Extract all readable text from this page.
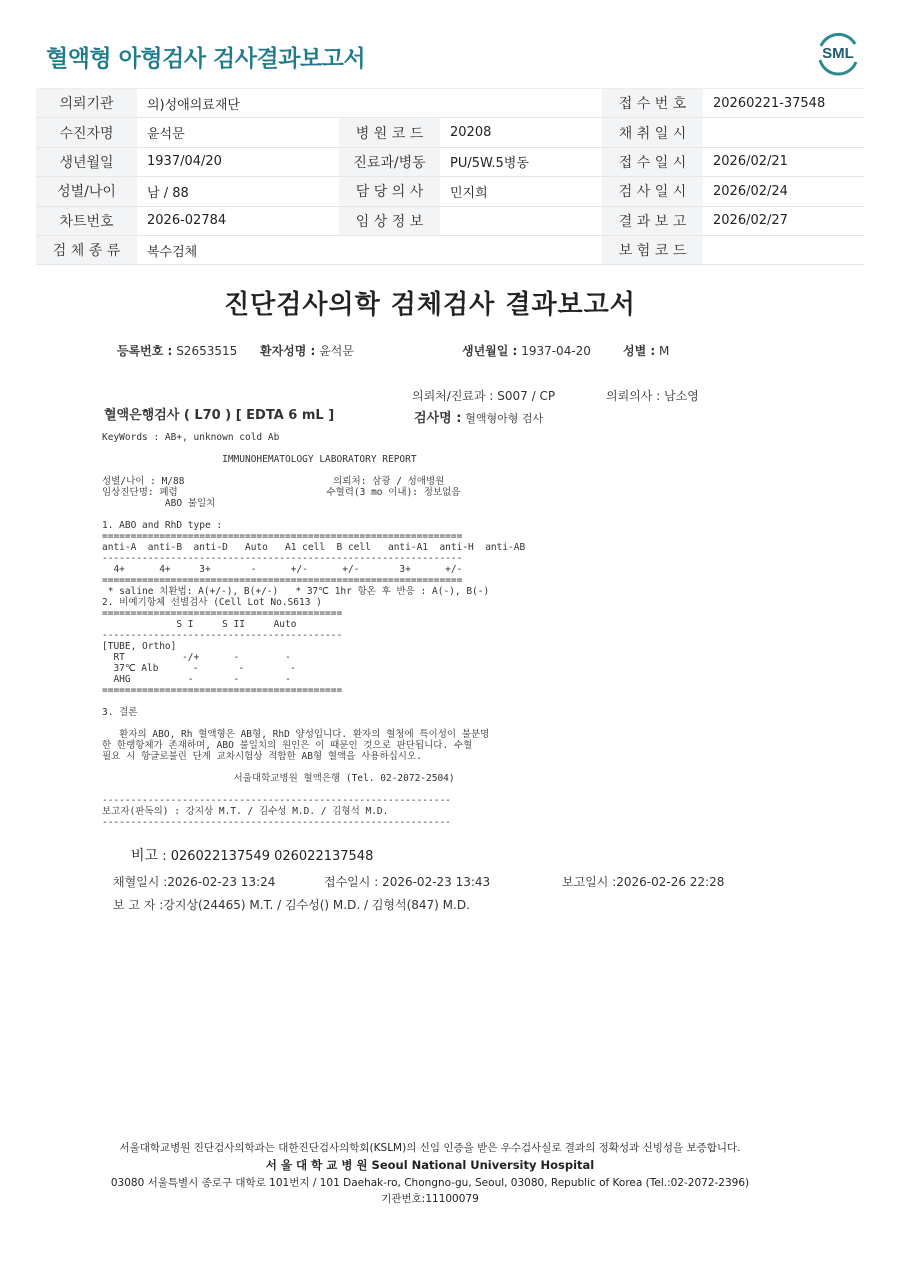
혈액형 아형검사 검사결과보고서	SML
의뢰기관	의)성애의료재단			접 수 번 호	20260221-37548
수진자명	윤석문	병 원 코 드	20208	채 취 일 시	
생년월일	1937/04/20	진료과/병동	PU/5W.5병동	접 수 일 시	2026/02/21
성별/나이	남 / 88	담 당 의 사	민지희	검 사 일 시	2026/02/24
차트번호	2026-02784	임 상 정 보		결 과 보 고	2026/02/27
검 체 종 류	복수검체			보 험 코 드	
진단검사의학 검체검사 결과보고서
등록번호 : S2653515 환자성명 : 윤석문	생년월일 : 1937-04-20	성별 : M
의뢰처/진료과 : S007 / CP	의뢰의사 : 남소영
혈액은행검사 ( L70 ) [ EDTA 6 mL ]	검사명 : 혈액형아형 검사
KeyWords : AB+, unknown cold Ab
IMMUNOHEMATOLOGY LABORATORY REPORT
성별/나이 : M/88                          의뢰처: 삼광 / 성애병원
임상진단명: 폐렴                          수혈력(3 mo 이내): 정보없음
ABO 불일치
1. ABO and RhD type :
===============================================================
anti-A  anti-B  anti-D   Auto   A1 cell  B cell   anti-A1  anti-H  anti-AB
---------------------------------------------------------------
4+      4+     3+       -      +/-      +/-       3+      +/-
===============================================================
* saline 치환법: A(+/-), B(+/-)   * 37℃ 1hr 항온 후 반응 : A(-), B(-)
2. 비예기항체 선별검사 (Cell Lot No.S613 )
==========================================
S I     S II     Auto
------------------------------------------
[TUBE, Ortho]
RT          -/+      -        -
37℃ Alb      -       -        -
AHG          -       -        -
==========================================
3. 결론
환자의 ABO, Rh 혈액형은 AB형, RhD 양성입니다. 환자의 혈청에 특이성이 불분명
한 한랭항체가 존재하며, ABO 불일치의 원인은 이 때문인 것으로 판단됩니다. 수혈
필요 시 항글로불린 단계 교차시험상 적합한 AB형 혈액을 사용하십시오.
서울대학교병원 혈액은행 (Tel. 02-2072-2504)
-------------------------------------------------------------
보고자(판독의) : 강지상 M.T. / 김수성 M.D. / 김형석 M.D.
-------------------------------------------------------------
비고 : 026022137549 026022137548
채혈일시 :2026-02-23 13:24	접수일시 : 2026-02-23 13:43	보고일시 :2026-02-26 22:28
보 고 자 :강지상(24465) M.T. / 김수성() M.D. / 김형석(847) M.D.
서울대학교병원 진단검사의학과는 대한진단검사의학회(KSLM)의 신임 인증을 받은 우수검사실로 결과의 정확성과 신빙성을 보증합니다.
서 울 대 학 교 병 원 Seoul National University Hospital
03080 서울특별시 종로구 대학로 101번지 / 101 Daehak-ro, Chongno-gu, Seoul, 03080, Republic of Korea (Tel.:02-2072-2396)
기관번호:11100079
